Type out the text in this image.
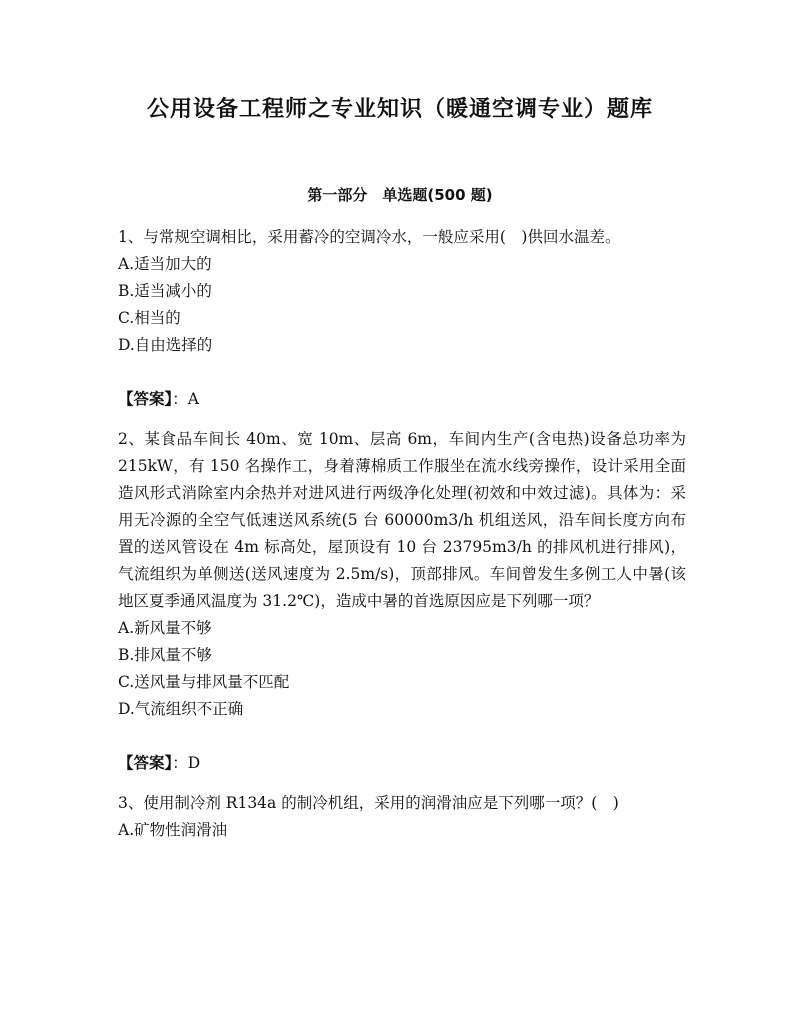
公用设备工程师之专业知识（暖通空调专业）题库
第一部分　单选题(500 题)

1、与常规空调相比，采用蓄冷的空调冷水，一般应采用(　)供回水温差。

A.适当加大的

B.适当减小的

C.相当的

D.自由选择的

【答案】：A

2、某食品车间长 40m、宽 10m、层高 6m，车间内生产(含电热)设备总功率为 215kW，有 150 名操作工，身着薄棉质工作服坐在流水线旁操作，设计采用全面造风形式消除室内余热并对进风进行两级净化处理(初效和中效过滤)。具体为：采用无冷源的全空气低速送风系统(5 台 60000m3/h 机组送风，沿车间长度方向布置的送风管设在 4m 标高处，屋顶设有 10 台 23795m3/h 的排风机进行排风)，气流组织为单侧送(送风速度为 2.5m/s)，顶部排风。车间曾发生多例工人中暑(该地区夏季通风温度为 31.2℃)，造成中暑的首选原因应是下列哪一项？

A.新风量不够

B.排风量不够

C.送风量与排风量不匹配

D.气流组织不正确

【答案】：D

3、使用制冷剂 R134a 的制冷机组，采用的润滑油应是下列哪一项？(　)

A.矿物性润滑油
